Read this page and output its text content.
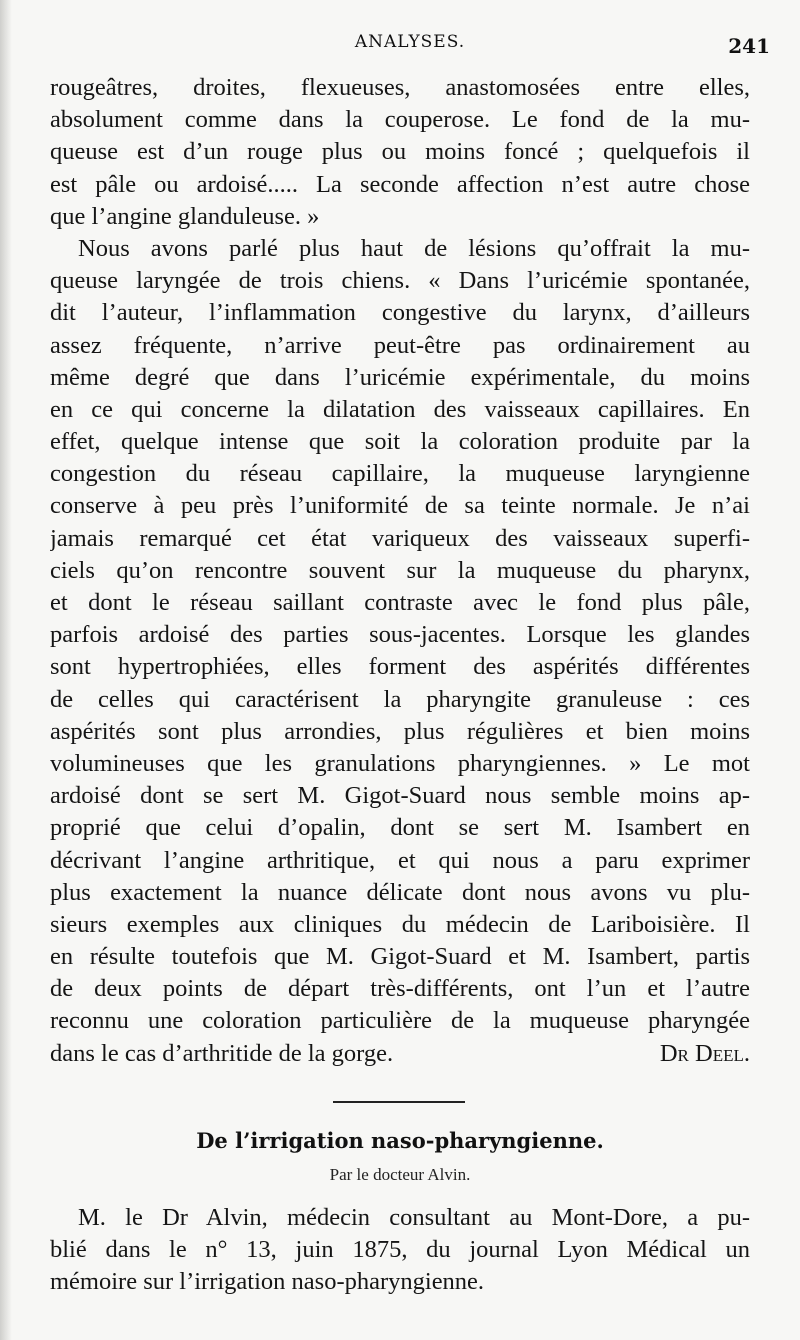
ANALYSES.	241
rougeâtres, droites, flexueuses, anastomosées entre elles,
absolument comme dans la couperose. Le fond de la mu-
queuse est d’un rouge plus ou moins foncé ; quelquefois il
est pâle ou ardoisé..... La seconde affection n’est autre chose
que l’angine glanduleuse. »
Nous avons parlé plus haut de lésions qu’offrait la mu-
queuse laryngée de trois chiens. « Dans l’uricémie spontanée,
dit l’auteur, l’inflammation congestive du larynx, d’ailleurs
assez fréquente, n’arrive peut-être pas ordinairement au
même degré que dans l’uricémie expérimentale, du moins
en ce qui concerne la dilatation des vaisseaux capillaires. En
effet, quelque intense que soit la coloration produite par la
congestion du réseau capillaire, la muqueuse laryngienne
conserve à peu près l’uniformité de sa teinte normale. Je n’ai
jamais remarqué cet état variqueux des vaisseaux superfi-
ciels qu’on rencontre souvent sur la muqueuse du pharynx,
et dont le réseau saillant contraste avec le fond plus pâle,
parfois ardoisé des parties sous-jacentes. Lorsque les glandes
sont hypertrophiées, elles forment des aspérités différentes
de celles qui caractérisent la pharyngite granuleuse : ces
aspérités sont plus arrondies, plus régulières et bien moins
volumineuses que les granulations pharyngiennes. » Le mot
ardoisé dont se sert M. Gigot-Suard nous semble moins ap-
proprié que celui d’opalin, dont se sert M. Isambert en
décrivant l’angine arthritique, et qui nous a paru exprimer
plus exactement la nuance délicate dont nous avons vu plu-
sieurs exemples aux cliniques du médecin de Lariboisière. Il
en résulte toutefois que M. Gigot-Suard et M. Isambert, partis
de deux points de départ très-différents, ont l’un et l’autre
reconnu une coloration particulière de la muqueuse pharyngée
dans le cas d’arthritide de la gorge.	Dr Deel.
De l’irrigation naso-pharyngienne.
Par le docteur Alvin.
M. le Dr Alvin, médecin consultant au Mont-Dore, a pu-
blié dans le n° 13, juin 1875, du journal Lyon Médical un
mémoire sur l’irrigation naso-pharyngienne.
